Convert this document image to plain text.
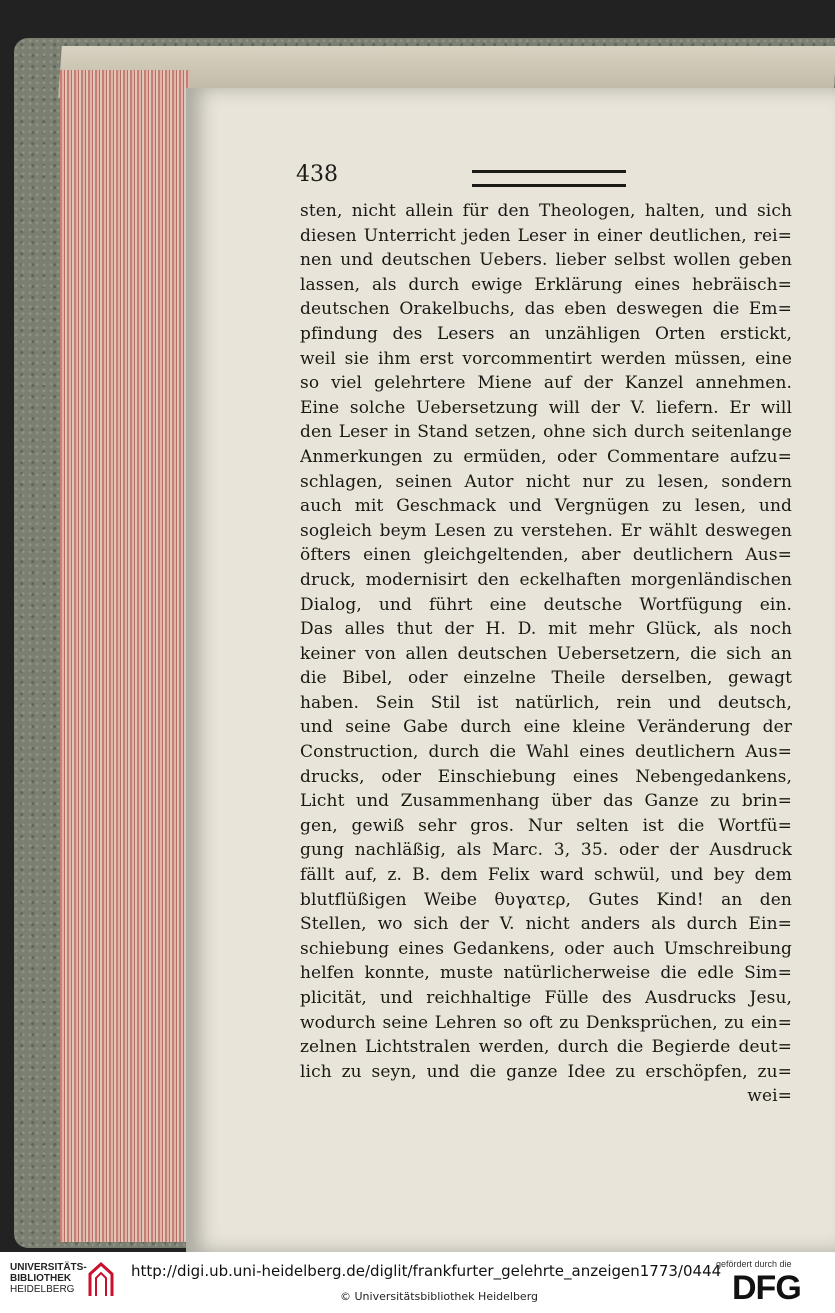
438
sten, nicht allein für den Theologen, halten, und sich
diesen Unterricht jeden Leser in einer deutlichen, rei=
nen und deutschen Uebers. lieber selbst wollen geben
lassen, als durch ewige Erklärung eines hebräisch=
deutschen Orakelbuchs, das eben deswegen die Em=
pfindung des Lesers an unzähligen Orten erstickt,
weil sie ihm erst vorcommentirt werden müssen, eine
so viel gelehrtere Miene auf der Kanzel annehmen.
Eine solche Uebersetzung will der V. liefern. Er will
den Leser in Stand setzen, ohne sich durch seitenlange
Anmerkungen zu ermüden, oder Commentare aufzu=
schlagen, seinen Autor nicht nur zu lesen, sondern
auch mit Geschmack und Vergnügen zu lesen, und
sogleich beym Lesen zu verstehen. Er wählt deswegen
öfters einen gleichgeltenden, aber deutlichern Aus=
druck, modernisirt den eckelhaften morgenländischen
Dialog, und führt eine deutsche Wortfügung ein.
Das alles thut der H. D. mit mehr Glück, als noch
keiner von allen deutschen Uebersetzern, die sich an
die Bibel, oder einzelne Theile derselben, gewagt
haben. Sein Stil ist natürlich, rein und deutsch,
und seine Gabe durch eine kleine Veränderung der
Construction, durch die Wahl eines deutlichern Aus=
drucks, oder Einschiebung eines Nebengedankens,
Licht und Zusammenhang über das Ganze zu brin=
gen, gewiß sehr gros. Nur selten ist die Wortfü=
gung nachläßig, als Marc. 3, 35. oder der Ausdruck
fällt auf, z. B. dem Felix ward schwül, und bey dem
blutflüßigen Weibe θυγατερ, Gutes Kind! an den
Stellen, wo sich der V. nicht anders als durch Ein=
schiebung eines Gedankens, oder auch Umschreibung
helfen konnte, muste natürlicherweise die edle Sim=
plicität, und reichhaltige Fülle des Ausdrucks Jesu,
wodurch seine Lehren so oft zu Denksprüchen, zu ein=
zelnen Lichtstralen werden, durch die Begierde deut=
lich zu seyn, und die ganze Idee zu erschöpfen, zu=
wei=
UNIVERSITÄTS-
BIBLIOTHEK
HEIDELBERG
http://digi.ub.uni-heidelberg.de/diglit/frankfurter_gelehrte_anzeigen1773/0444
© Universitätsbibliothek Heidelberg
gefördert durch die
DFG
